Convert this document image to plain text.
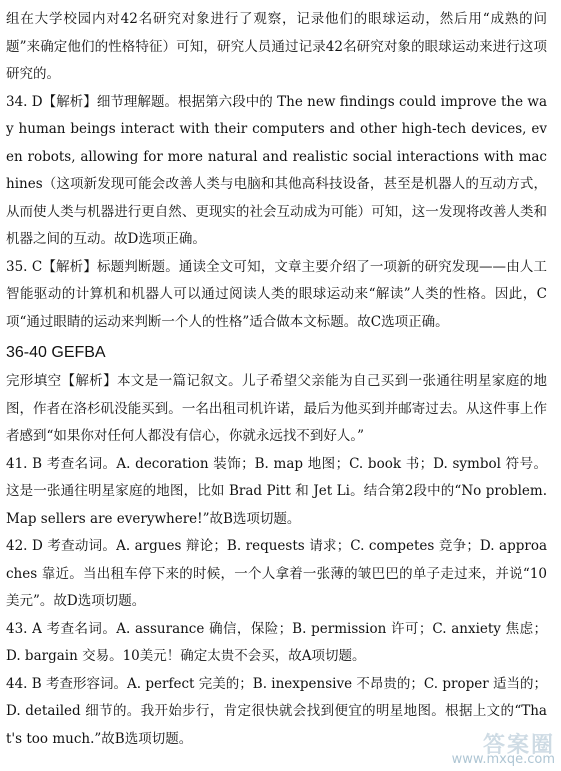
组在大学校园内对42名研究对象进行了观察，记录他们的眼球运动，然后用“成熟的问题”来确定他们的性格特征）可知，研究人员通过记录42名研究对象的眼球运动来进行这项研究的。

34. D【解析】细节理解题。根据第六段中的 The new findings could improve the way human beings interact with their computers and other high-tech devices, even robots, allowing for more natural and realistic social interactions with machines（这项新发现可能会改善人类与电脑和其他高科技设备，甚至是机器人的互动方式，从而使人类与机器进行更自然、更现实的社会互动成为可能）可知，这一发现将改善人类和机器之间的互动。故D选项正确。

35. C【解析】标题判断题。通读全文可知，文章主要介绍了一项新的研究发现——由人工智能驱动的计算机和机器人可以通过阅读人类的眼球运动来“解读”人类的性格。因此，C项“通过眼睛的运动来判断一个人的性格”适合做本文标题。故C选项正确。

36-40 GEFBA

完形填空【解析】本文是一篇记叙文。儿子希望父亲能为自己买到一张通往明星家庭的地图，作者在洛杉矶没能买到。一名出租司机许诺，最后为他买到并邮寄过去。从这件事上作者感到“如果你对任何人都没有信心，你就永远找不到好人。”

41. B 考查名词。A. decoration 装饰；B. map 地图；C. book 书；D. symbol 符号。这是一张通往明星家庭的地图，比如 Brad Pitt 和 Jet Li。结合第2段中的“No problem. Map sellers are everywhere!”故B选项切题。

42. D 考查动词。A. argues 辩论；B. requests 请求；C. competes 竞争；D. approaches 靠近。当出租车停下来的时候，一个人拿着一张薄的皱巴巴的单子走过来，并说“10美元”。故D选项切题。

43. A 考查名词。A. assurance 确信，保险；B. permission 许可；C. anxiety 焦虑；D. bargain 交易。10美元！确定太贵不会买，故A项切题。

44. B 考查形容词。A. perfect 完美的；B. inexpensive 不昂贵的；C. proper 适当的；D. detailed 细节的。我开始步行，肯定很快就会找到便宜的明星地图。根据上文的“That's too much.”故B选项切题。	答案圈
www.mxqe.com
